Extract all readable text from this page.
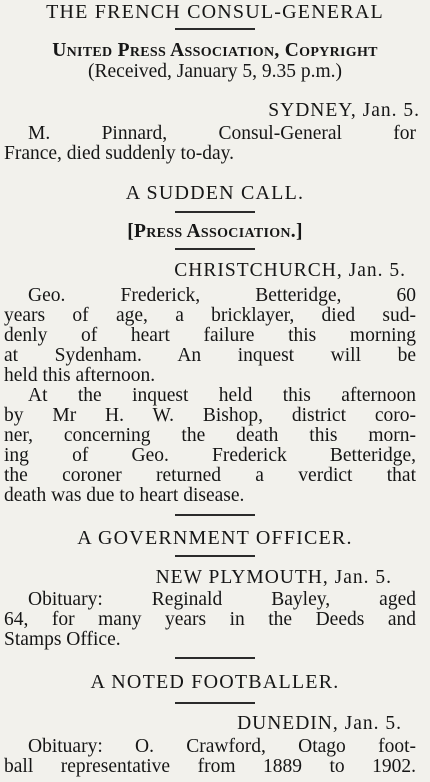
THE FRENCH CONSUL-GENERAL
United Press Association, Copyright
(Received, January 5, 9.35 p.m.)
SYDNEY, Jan. 5.
M. Pinnard, Consul-General for
France, died suddenly to-day.
A SUDDEN CALL.
[Press Association.]
CHRISTCHURCH, Jan. 5.
Geo. Frederick, Betteridge, 60
years of age, a bricklayer, died sud-
denly of heart failure this morning
at Sydenham. An inquest will be
held this afternoon.
At the inquest held this afternoon
by Mr H. W. Bishop, district coro-
ner, concerning the death this morn-
ing of Geo. Frederick Betteridge,
the coroner returned a verdict that
death was due to heart disease.
A GOVERNMENT OFFICER.
NEW PLYMOUTH, Jan. 5.
Obituary: Reginald Bayley, aged
64, for many years in the Deeds and
Stamps Office.
A NOTED FOOTBALLER.
DUNEDIN, Jan. 5.
Obituary: O. Crawford, Otago foot-
ball representative from 1889 to 1902.
